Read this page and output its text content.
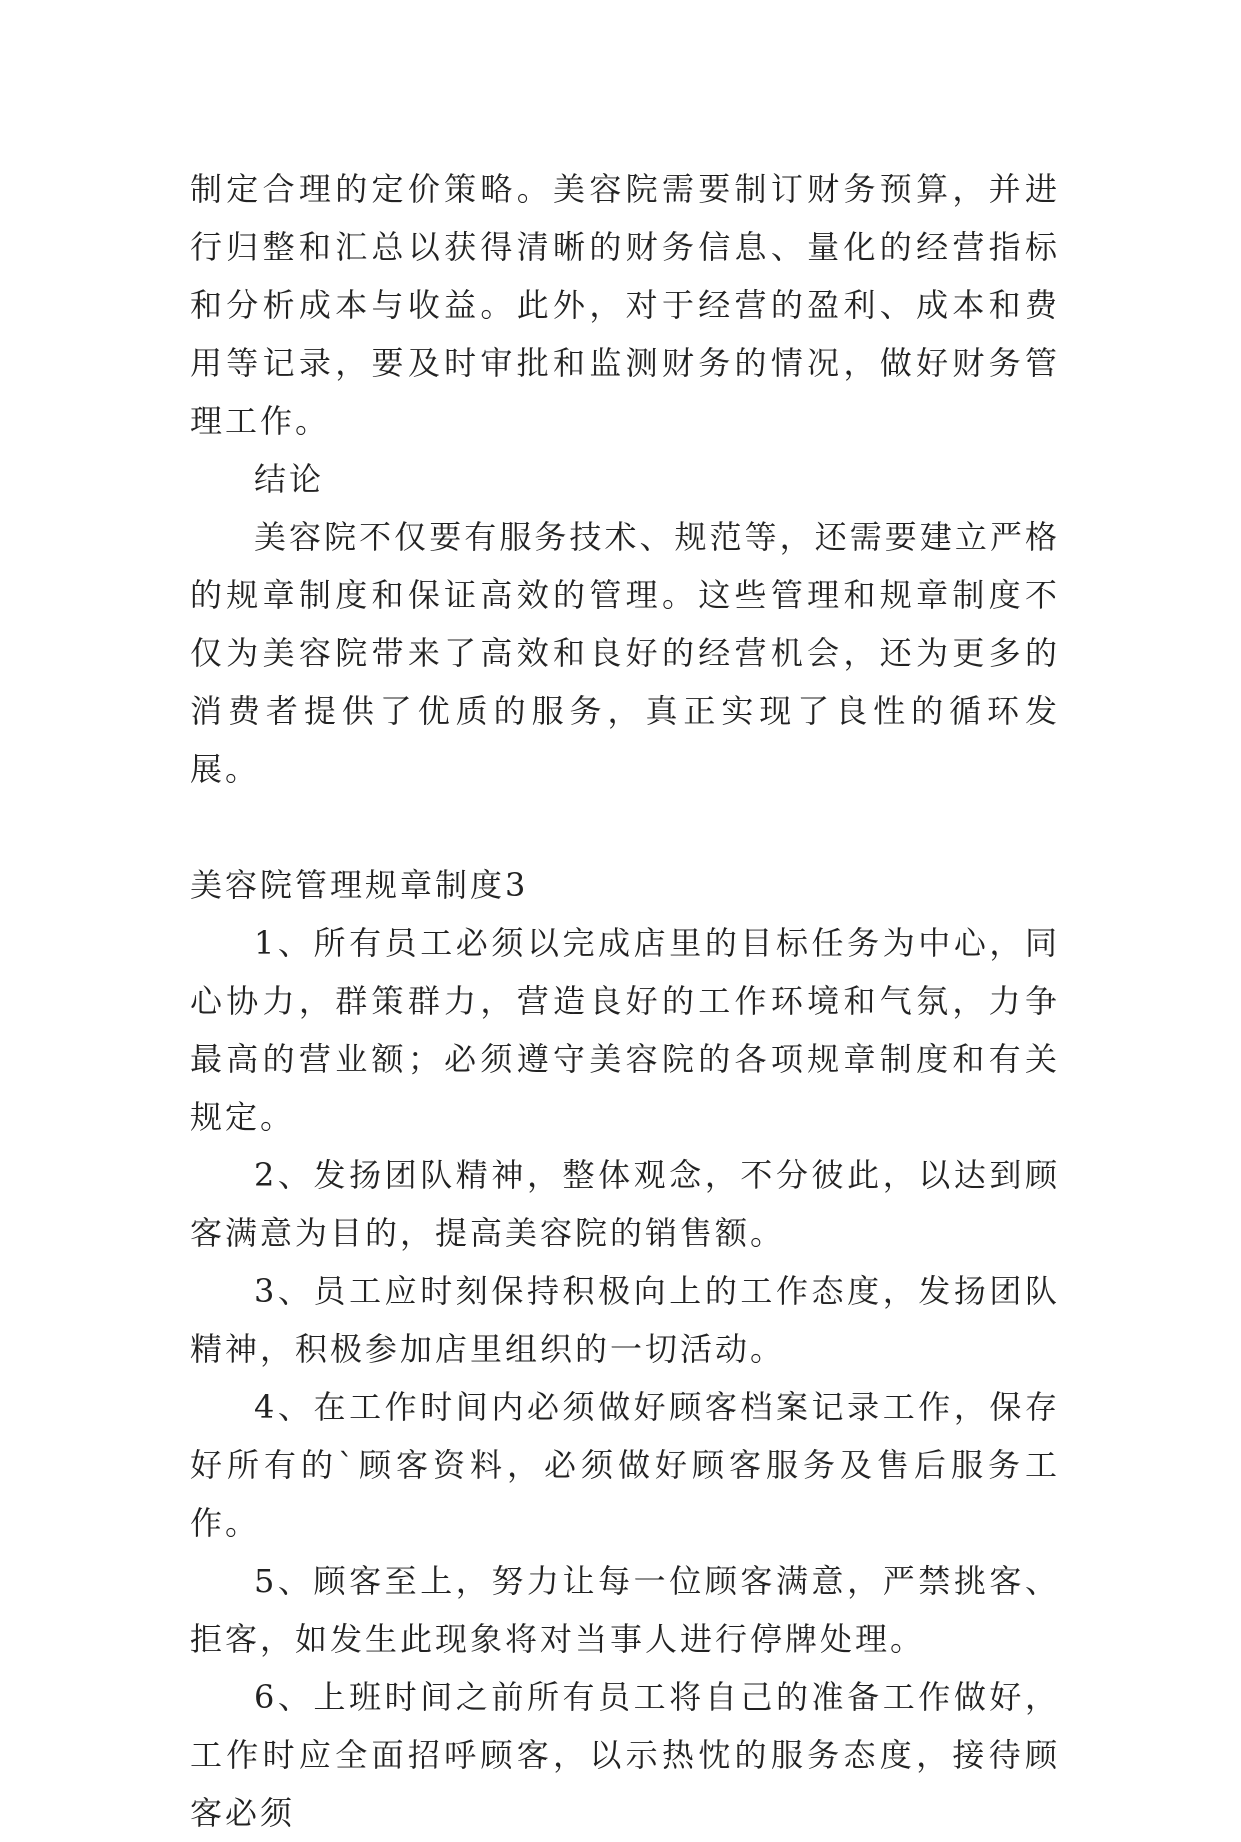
制定合理的定价策略。美容院需要制订财务预算，并进行归整和汇总以获得清晰的财务信息、量化的经营指标和分析成本与收益。此外，对于经营的盈利、成本和费用等记录，要及时审批和监测财务的情况，做好财务管理工作。

结论

美容院不仅要有服务技术、规范等，还需要建立严格的规章制度和保证高效的管理。这些管理和规章制度不仅为美容院带来了高效和良好的经营机会，还为更多的消费者提供了优质的服务，真正实现了良性的循环发展。

美容院管理规章制度3

1、所有员工必须以完成店里的目标任务为中心，同心协力，群策群力，营造良好的工作环境和气氛，力争最高的营业额；必须遵守美容院的各项规章制度和有关规定。

2、发扬团队精神，整体观念，不分彼此，以达到顾客满意为目的，提高美容院的销售额。

3、员工应时刻保持积极向上的工作态度，发扬团队精神，积极参加店里组织的一切活动。

4、在工作时间内必须做好顾客档案记录工作，保存好所有的`顾客资料，必须做好顾客服务及售后服务工作。

5、顾客至上，努力让每一位顾客满意，严禁挑客、拒客，如发生此现象将对当事人进行停牌处理。

6、上班时间之前所有员工将自己的准备工作做好，工作时应全面招呼顾客，以示热忱的服务态度，接待顾客必须
